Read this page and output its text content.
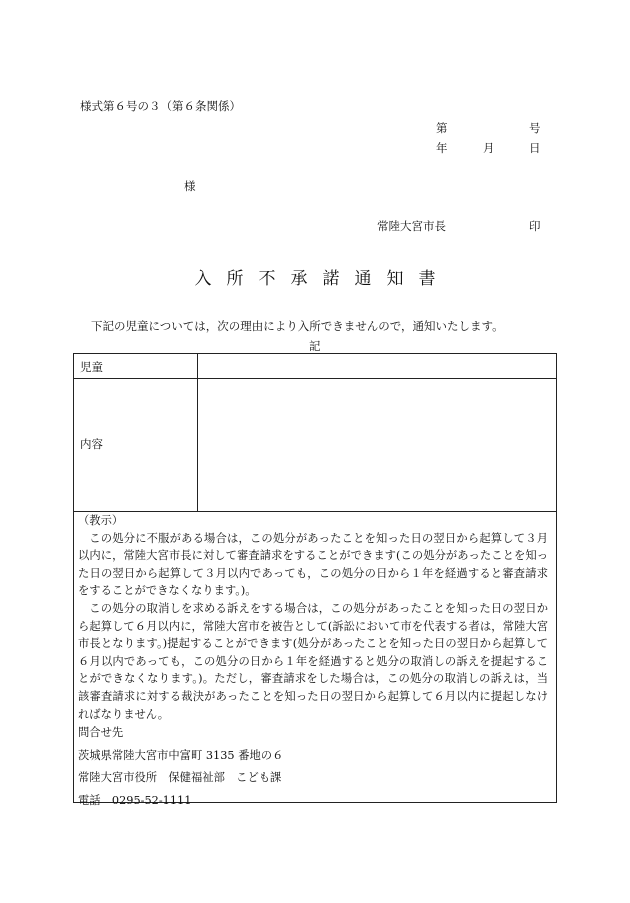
様式第６号の３（第６条関係）
第	号
年	月	日
様
常陸大宮市長	印
入所不承諾通知書
下記の児童については，次の理由により入所できませんので，通知いたします。
記
児童
内容

（教示）

この処分に不服がある場合は，この処分があったことを知った日の翌日から起算して３月以内に，常陸大宮市長に対して審査請求をすることができます(この処分があったことを知った日の翌日から起算して３月以内であっても，この処分の日から１年を経過すると審査請求をすることができなくなります。)。

この処分の取消しを求める訴えをする場合は，この処分があったことを知った日の翌日から起算して６月以内に，常陸大宮市を被告として(訴訟において市を代表する者は，常陸大宮市長となります。)提起することができます(処分があったことを知った日の翌日から起算して６月以内であっても，この処分の日から１年を経過すると処分の取消しの訴えを提起することができなくなります。)。ただし，審査請求をした場合は，この処分の取消しの訴えは，当該審査請求に対する裁決があったことを知った日の翌日から起算して６月以内に提起しなければなりません。

問合せ先
茨城県常陸大宮市中富町 3135 番地の６
常陸大宮市役所　保健福祉部　こども課
電話　0295-52-1111
